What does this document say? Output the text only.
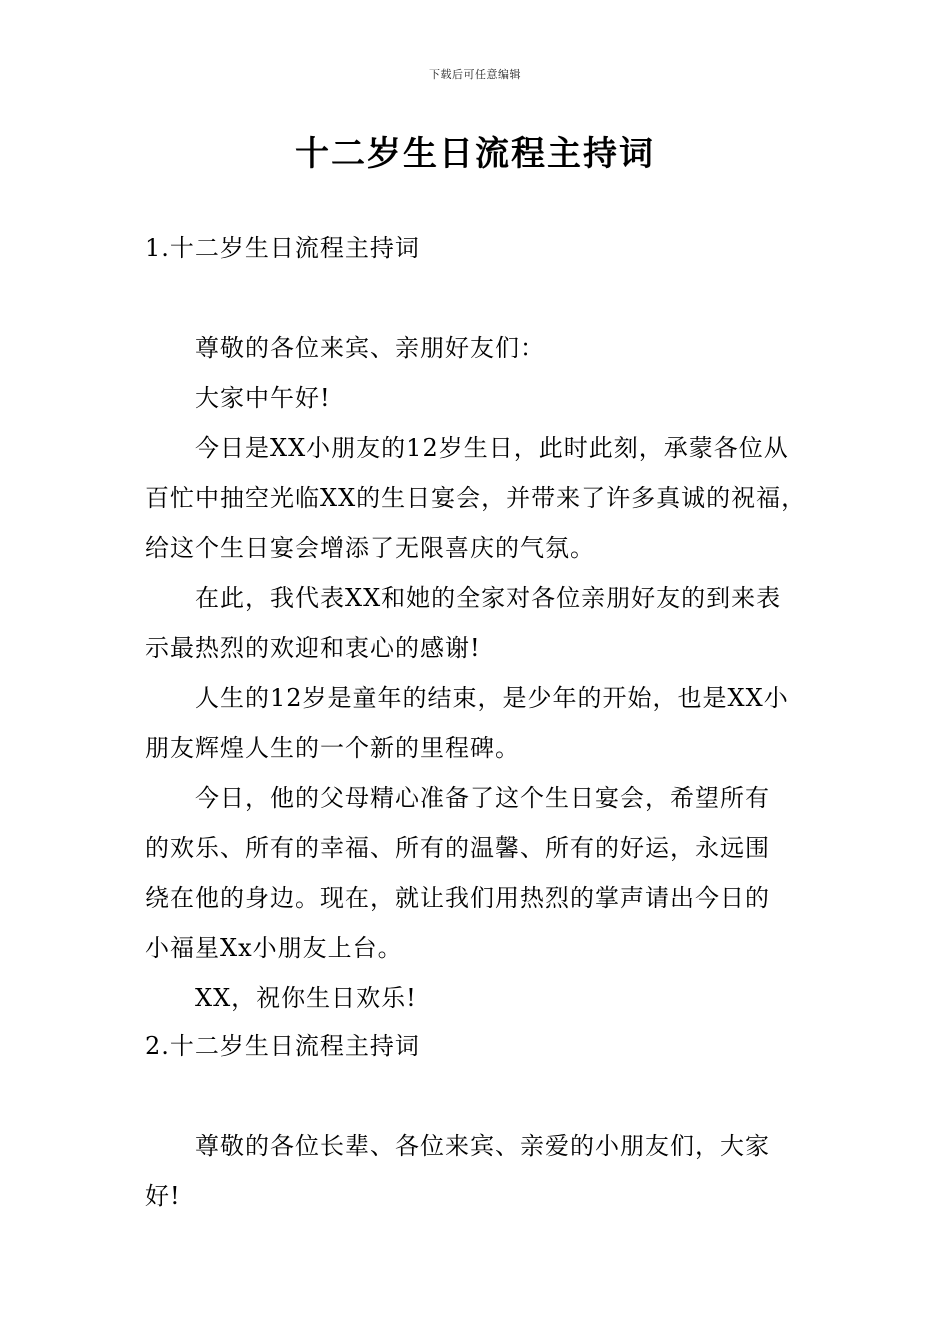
下载后可任意编辑
十二岁生日流程主持词
1.十二岁生日流程主持词
尊敬的各位来宾、亲朋好友们：
大家中午好!
今日是XX小朋友的12岁生日，此时此刻，承蒙各位从
百忙中抽空光临XX的生日宴会，并带来了许多真诚的祝福，
给这个生日宴会增添了无限喜庆的气氛。
在此，我代表XX和她的全家对各位亲朋好友的到来表
示最热烈的欢迎和衷心的感谢!
人生的12岁是童年的结束，是少年的开始，也是XX小
朋友辉煌人生的一个新的里程碑。
今日，他的父母精心准备了这个生日宴会，希望所有
的欢乐、所有的幸福、所有的温馨、所有的好运，永远围
绕在他的身边。现在，就让我们用热烈的掌声请出今日的
小福星Xx小朋友上台。
XX，祝你生日欢乐!
2.十二岁生日流程主持词
尊敬的各位长辈、各位来宾、亲爱的小朋友们，大家
好!
